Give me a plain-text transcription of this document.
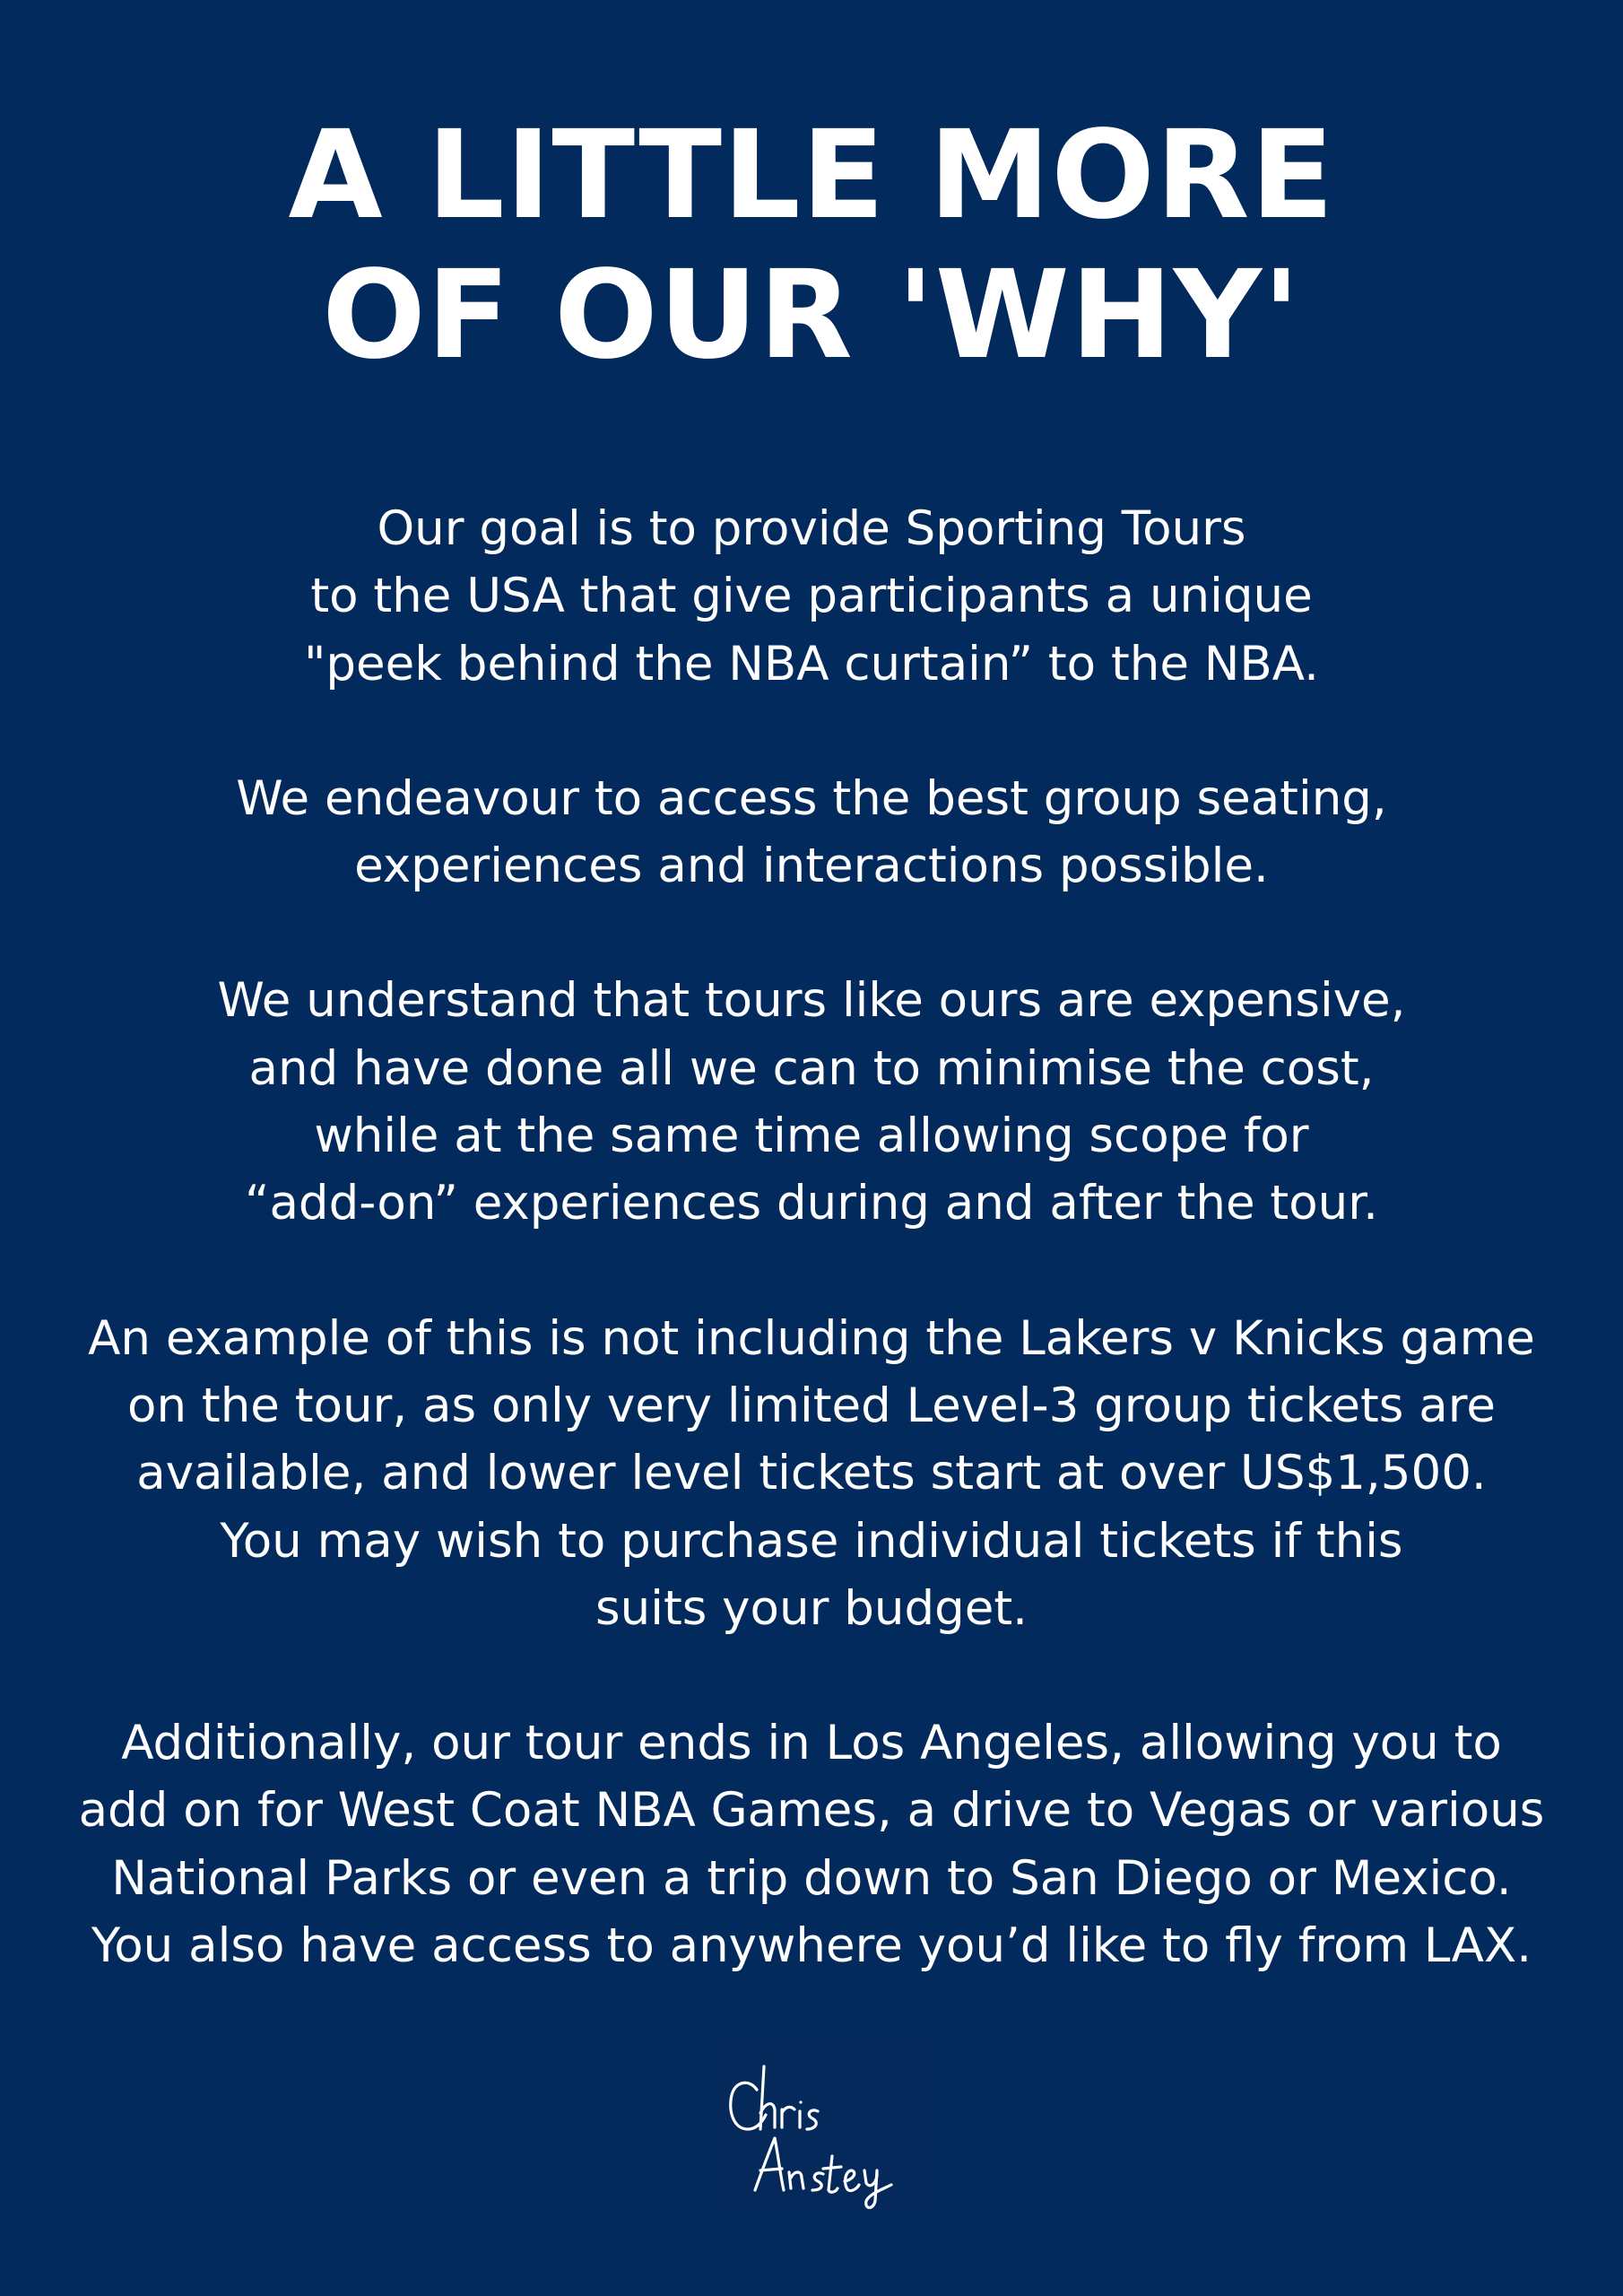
A LITTLE MORE
OF OUR 'WHY'

Our goal is to provide Sporting Tours
to the USA that give participants a unique
"peek behind the NBA curtain” to the NBA.

We endeavour to access the best group seating,
experiences and interactions possible.

We understand that tours like ours are expensive,
and have done all we can to minimise the cost,
while at the same time allowing scope for
“add-on” experiences during and after the tour.

An example of this is not including the Lakers v Knicks game
on the tour, as only very limited Level-3 group tickets are
available, and lower level tickets start at over US$1,500.
You may wish to purchase individual tickets if this
suits your budget.

Additionally, our tour ends in Los Angeles, allowing you to
add on for West Coat NBA Games, a drive to Vegas or various
National Parks or even a trip down to San Diego or Mexico.
You also have access to anywhere you’d like to fly from LAX.
